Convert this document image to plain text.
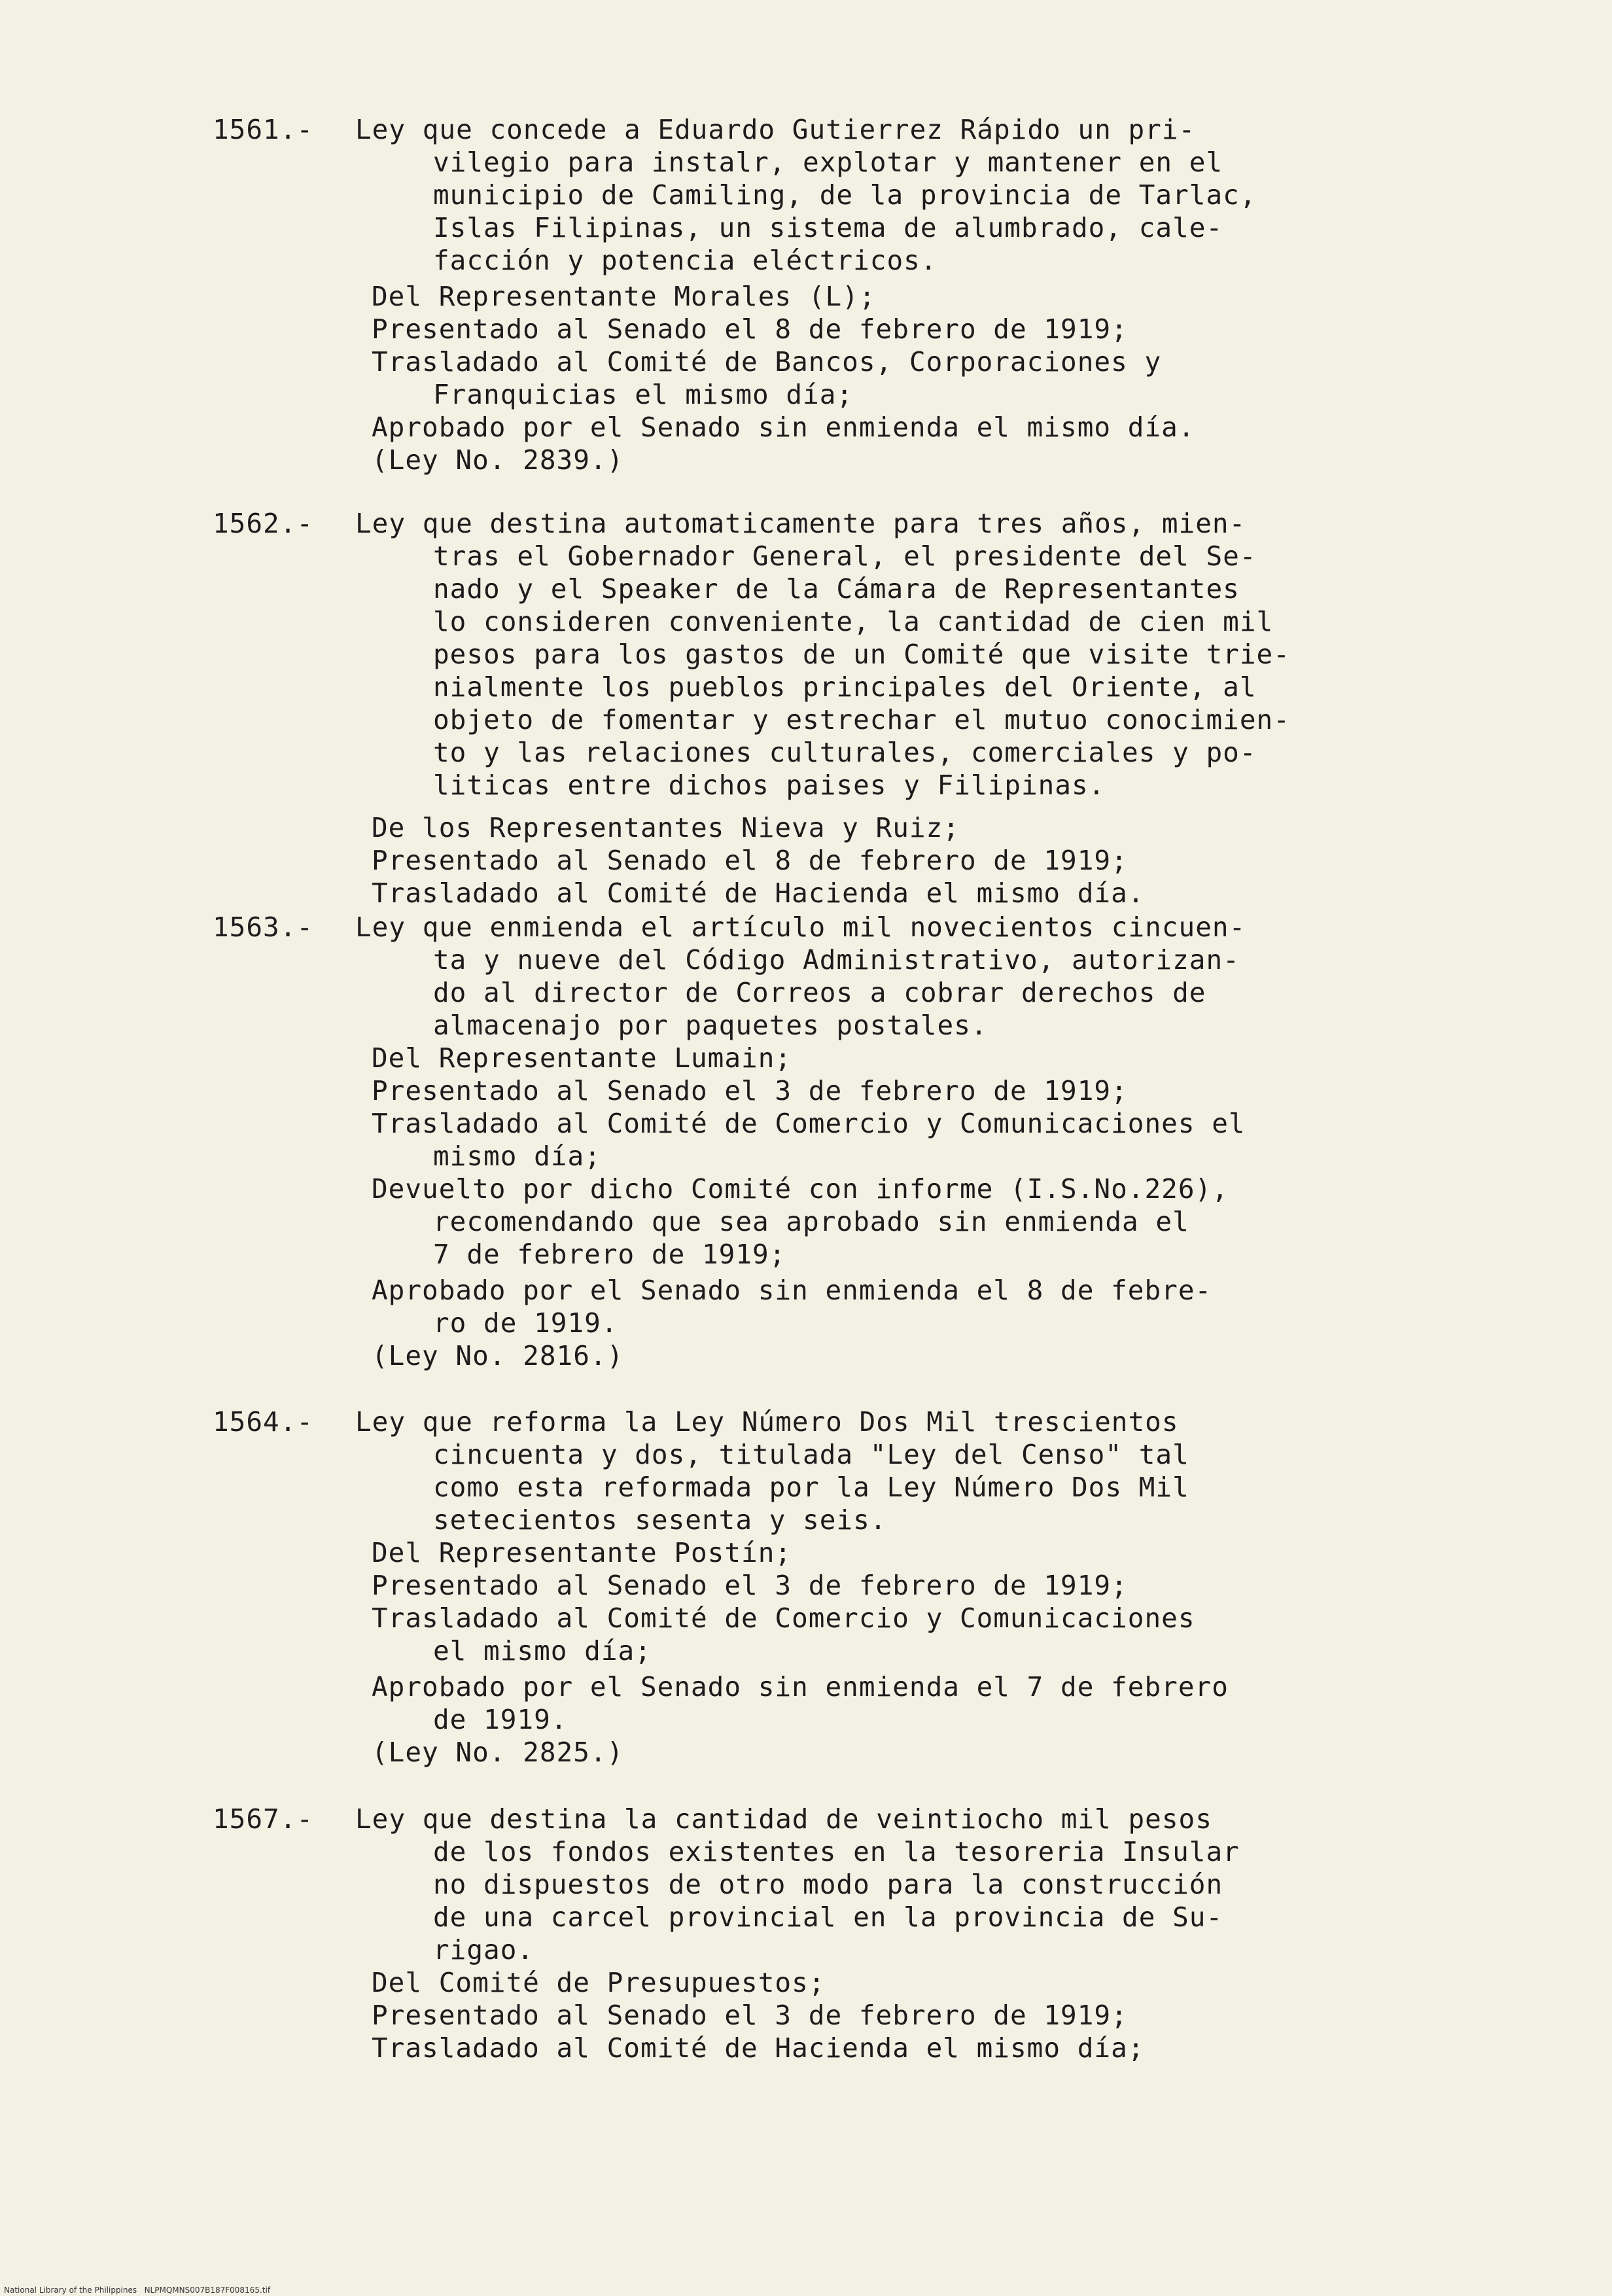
1561.- Ley que concede a Eduardo Gutierrez Rápido un pri-
vilegio para instalr, explotar y mantener en el
municipio de Camiling, de la provincia de Tarlac,
Islas Filipinas, un sistema de alumbrado, cale-
facción y potencia eléctricos.
Del Representante Morales (L);
Presentado al Senado el 8 de febrero de 1919;
Trasladado al Comité de Bancos, Corporaciones y
Franquicias el mismo día;
Aprobado por el Senado sin enmienda el mismo día.
(Ley No. 2839.)
1562.- Ley que destina automaticamente para tres años, mien-
tras el Gobernador General, el presidente del Se-
nado y el Speaker de la Cámara de Representantes
lo consideren conveniente, la cantidad de cien mil
pesos para los gastos de un Comité que visite trie-
nialmente los pueblos principales del Oriente, al
objeto de fomentar y estrechar el mutuo conocimien-
to y las relaciones culturales, comerciales y po-
liticas entre dichos paises y Filipinas.
De los Representantes Nieva y Ruiz;
Presentado al Senado el 8 de febrero de 1919;
Trasladado al Comité de Hacienda el mismo día.
1563.- Ley que enmienda el artículo mil novecientos cincuen-
ta y nueve del Código Administrativo, autorizan-
do al director de Correos a cobrar derechos de
almacenajo por paquetes postales.
Del Representante Lumain;
Presentado al Senado el 3 de febrero de 1919;
Trasladado al Comité de Comercio y Comunicaciones el
mismo día;
Devuelto por dicho Comité con informe (I.S.No.226),
recomendando que sea aprobado sin enmienda el
7 de febrero de 1919;
Aprobado por el Senado sin enmienda el 8 de febre-
ro de 1919.
(Ley No. 2816.)
1564.- Ley que reforma la Ley Número Dos Mil trescientos
cincuenta y dos, titulada "Ley del Censo" tal
como esta reformada por la Ley Número Dos Mil
setecientos sesenta y seis.
Del Representante Postín;
Presentado al Senado el 3 de febrero de 1919;
Trasladado al Comité de Comercio y Comunicaciones
el mismo día;
Aprobado por el Senado sin enmienda el 7 de febrero
de 1919.
(Ley No. 2825.)
1567.- Ley que destina la cantidad de veintiocho mil pesos
de los fondos existentes en la tesoreria Insular
no dispuestos de otro modo para la construcción
de una carcel provincial en la provincia de Su-
rigao.
Del Comité de Presupuestos;
Presentado al Senado el 3 de febrero de 1919;
Trasladado al Comité de Hacienda el mismo día;
National Library of the Philippines   NLPMQMNS007B187F008165.tif
